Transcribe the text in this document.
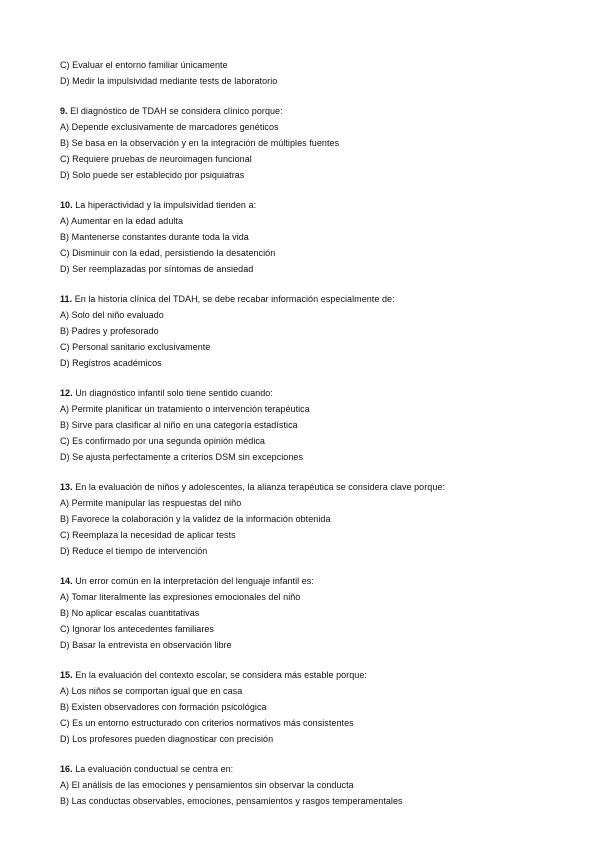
C) Evaluar el entorno familiar únicamente
D) Medir la impulsividad mediante tests de laboratorio
9. El diagnóstico de TDAH se considera clínico porque:
A) Depende exclusivamente de marcadores genéticos
B) Se basa en la observación y en la integración de múltiples fuentes
C) Requiere pruebas de neuroimagen funcional
D) Solo puede ser establecido por psiquiatras
10. La hiperactividad y la impulsividad tienden a:
A) Aumentar en la edad adulta
B) Mantenerse constantes durante toda la vida
C) Disminuir con la edad, persistiendo la desatención
D) Ser reemplazadas por síntomas de ansiedad
11. En la historia clínica del TDAH, se debe recabar información especialmente de:
A) Solo del niño evaluado
B) Padres y profesorado
C) Personal sanitario exclusivamente
D) Registros académicos
12. Un diagnóstico infantil solo tiene sentido cuando:
A) Permite planificar un tratamiento o intervención terapéutica
B) Sirve para clasificar al niño en una categoría estadística
C) Es confirmado por una segunda opinión médica
D) Se ajusta perfectamente a criterios DSM sin excepciones
13. En la evaluación de niños y adolescentes, la alianza terapéutica se considera clave porque:
A) Permite manipular las respuestas del niño
B) Favorece la colaboración y la validez de la información obtenida
C) Reemplaza la necesidad de aplicar tests
D) Reduce el tiempo de intervención
14. Un error común en la interpretación del lenguaje infantil es:
A) Tomar literalmente las expresiones emocionales del niño
B) No aplicar escalas cuantitativas
C) Ignorar los antecedentes familiares
D) Basar la entrevista en observación libre
15. En la evaluación del contexto escolar, se considera más estable porque:
A) Los niños se comportan igual que en casa
B) Existen observadores con formación psicológica
C) Es un entorno estructurado con criterios normativos más consistentes
D) Los profesores pueden diagnosticar con precisión
16. La evaluación conductual se centra en:
A) El análisis de las emociones y pensamientos sin observar la conducta
B) Las conductas observables, emociones, pensamientos y rasgos temperamentales
